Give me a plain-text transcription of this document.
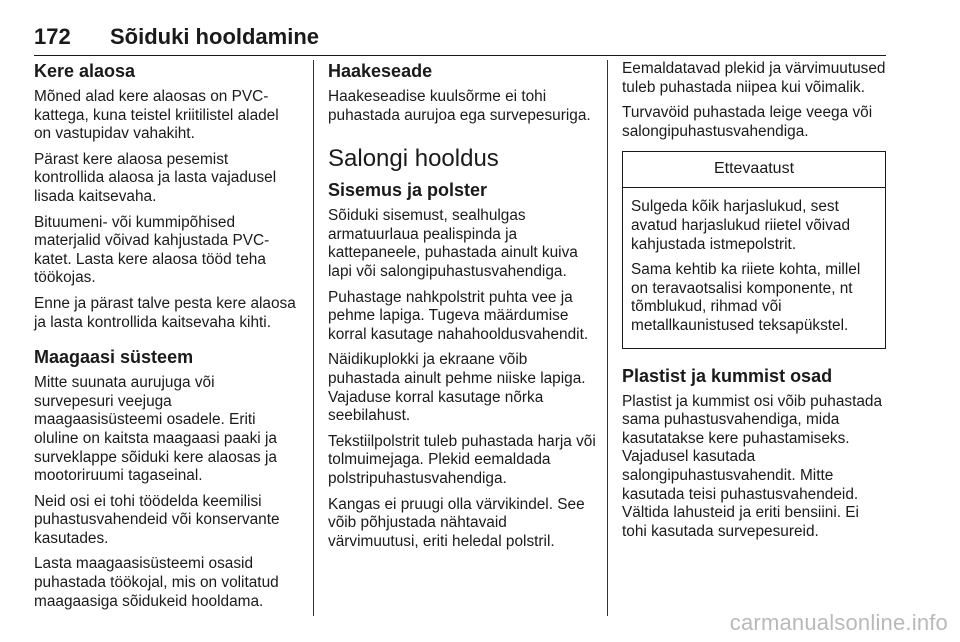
172 Sõiduki hooldamine
Kere alaosa

Mõned alad kere alaosas on PVC-kattega, kuna teistel kriitilistel aladel on vastupidav vahakiht.

Pärast kere alaosa pesemist kontrollida alaosa ja lasta vajadusel lisada kaitsevaha.

Bituumeni- või kummipõhised materjalid võivad kahjustada PVC-katet. Lasta kere alaosa tööd teha töökojas.

Enne ja pärast talve pesta kere alaosa ja lasta kontrollida kaitsevaha kihti.

Maagaasi süsteem

Mitte suunata aurujuga või survepesuri veejuga maagaasisüsteemi osadele. Eriti oluline on kaitsta maagaasi paaki ja surveklappe sõiduki kere alaosas ja mootoriruumi tagaseinal.

Neid osi ei tohi töödelda keemilisi puhastusvahendeid või konservante kasutades.

Lasta maagaasisüsteemi osasid puhastada töökojal, mis on volitatud maagaasiga sõidukeid hooldama.

Haakeseade

Haakeseadise kuulsõrme ei tohi puhastada aurujoa ega survepesuriga.

Salongi hooldus
Sisemus ja polster

Sõiduki sisemust, sealhulgas armatuurlaua pealispinda ja kattepaneele, puhastada ainult kuiva lapi või salongipuhastusvahendiga.

Puhastage nahkpolstrit puhta vee ja pehme lapiga. Tugeva määrdumise korral kasutage nahahooldusvahendit.

Näidikuplokki ja ekraane võib puhastada ainult pehme niiske lapiga. Vajaduse korral kasutage nõrka seebilahust.

Tekstiilpolstrit tuleb puhastada harja või tolmuimejaga. Plekid eemaldada polstripuhastusvahendiga.

Kangas ei pruugi olla värvikindel. See võib põhjustada nähtavaid värvimuutusi, eriti heledal polstril.

Eemaldatavad plekid ja värvimuutused tuleb puhastada niipea kui võimalik.

Turvavöid puhastada leige veega või salongipuhastusvahendiga.

Ettevaatust

Sulgeda kõik harjaslukud, sest avatud harjaslukud riietel võivad kahjustada istmepolstrit.

Sama kehtib ka riiete kohta, millel on teravaotsalisi komponente, nt tõmblukud, rihmad või metallkaunistused teksapükstel.

Plastist ja kummist osad

Plastist ja kummist osi võib puhastada sama puhastusvahendiga, mida kasutatakse kere puhastamiseks. Vajadusel kasutada salongipuhastusvahendit. Mitte kasutada teisi puhastusvahendeid. Vältida lahusteid ja eriti bensiini. Ei tohi kasutada survepesureid.

carmanualsonline.info
